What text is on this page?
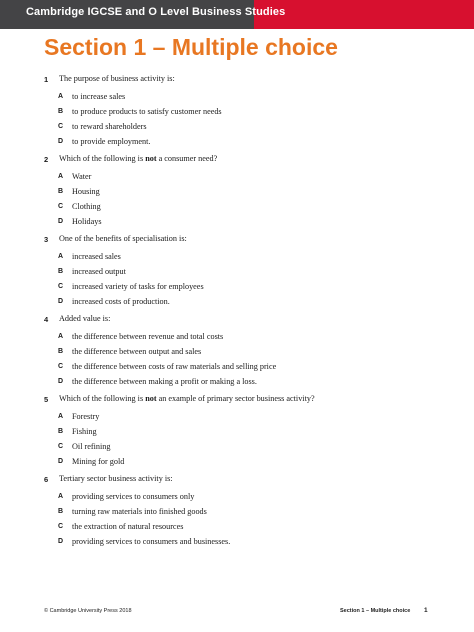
Cambridge IGCSE and O Level Business Studies
Section 1 – Multiple choice
1 The purpose of business activity is:
A to increase sales
B to produce products to satisfy customer needs
C to reward shareholders
D to provide employment.
2 Which of the following is not a consumer need?
A Water
B Housing
C Clothing
D Holidays
3 One of the benefits of specialisation is:
A increased sales
B increased output
C increased variety of tasks for employees
D increased costs of production.
4 Added value is:
A the difference between revenue and total costs
B the difference between output and sales
C the difference between costs of raw materials and selling price
D the difference between making a profit or making a loss.
5 Which of the following is not an example of primary sector business activity?
A Forestry
B Fishing
C Oil refining
D Mining for gold
6 Tertiary sector business activity is:
A providing services to consumers only
B turning raw materials into finished goods
C the extraction of natural resources
D providing services to consumers and businesses.
© Cambridge University Press 2018	Section 1 – Multiple choice 1
